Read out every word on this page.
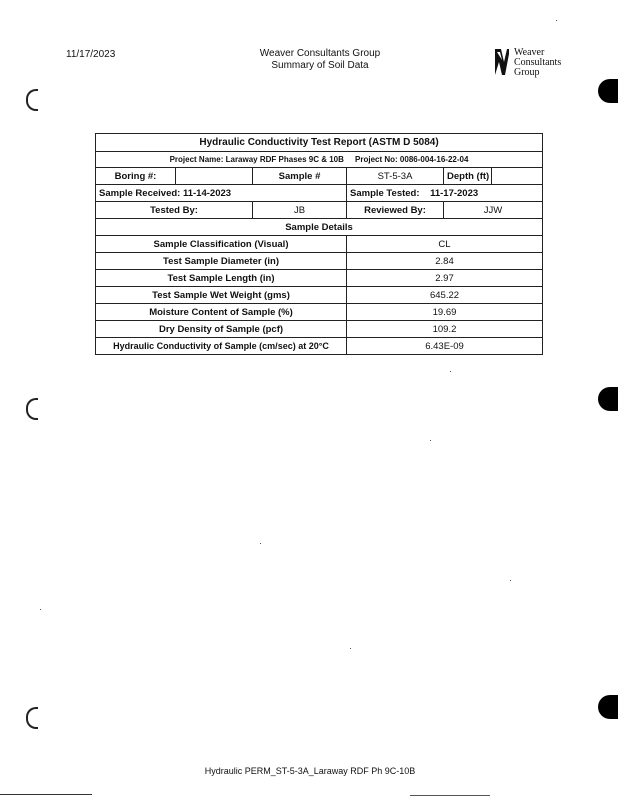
11/17/2023	Weaver Consultants Group
Summary of Soil Data
Weaver
Consultants
Group
Hydraulic Conductivity Test Report (ASTM D 5084)					
Project Name: Laraway RDF Phases 9C & 10B Project No: 0086-004-16-22-04					
Boring #:		Sample #	ST-5-3A	Depth (ft)	
Sample Received: 11-14-2023			Sample Tested: 11-17-2023		
Tested By:		JB	Reviewed By:	JJW	
Sample Details					
Sample Classification (Visual)			CL		
Test Sample Diameter (in)			2.84		
Test Sample Length (in)			2.97		
Test Sample Wet Weight (gms)			645.22		
Moisture Content of Sample (%)			19.69		
Dry Density of Sample (pcf)			109.2		
Hydraulic Conductivity of Sample (cm/sec) at 20°C			6.43E-09		
Hydraulic PERM_ST-5-3A_Laraway RDF Ph 9C-10B
